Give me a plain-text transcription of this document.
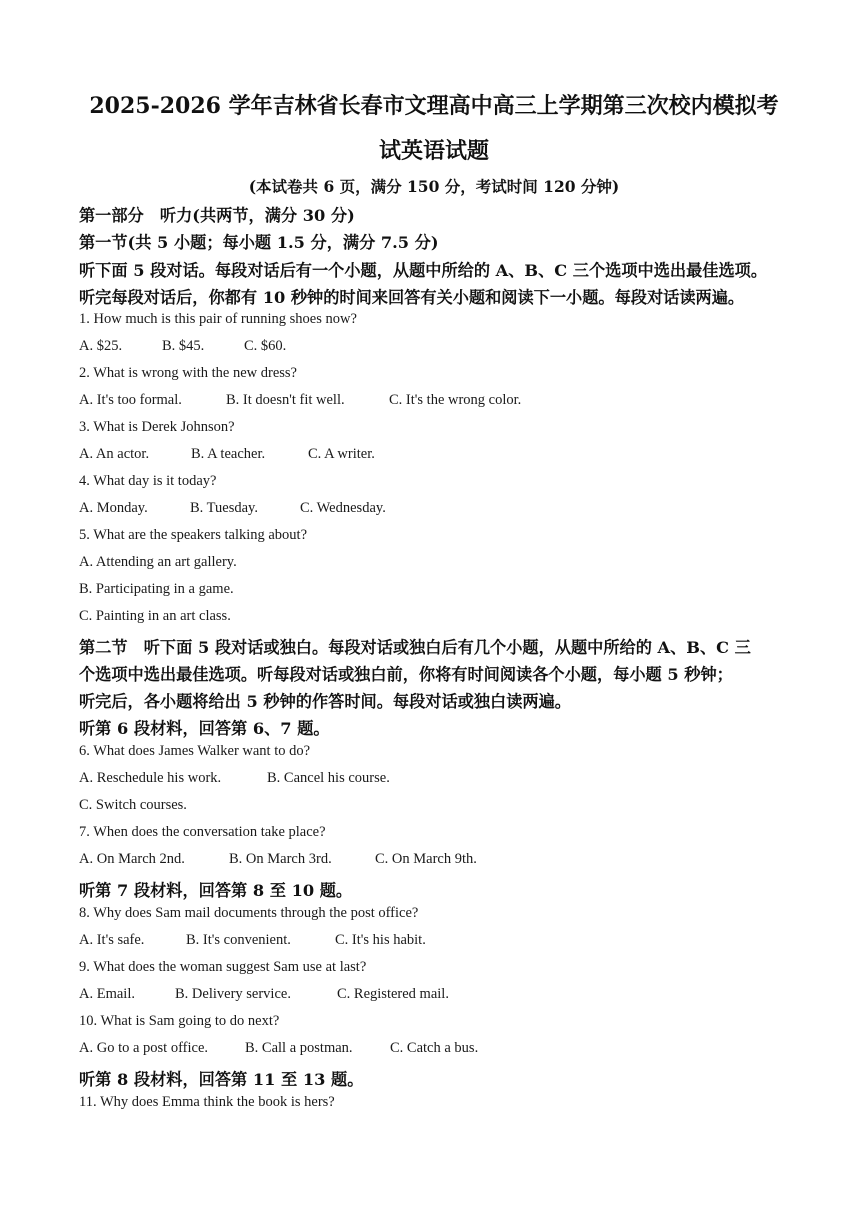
2025-2026 学年吉林省长春市文理高中高三上学期第三次校内模拟考
试英语试题
(本试卷共 6 页，满分 150 分，考试时间 120 分钟)
第一部分　听力(共两节，满分 30 分)
第一节(共 5 小题；每小题 1.5 分，满分 7.5 分)
听下面 5 段对话。每段对话后有一个小题，从题中所给的 A、B、C 三个选项中选出最佳选项。
听完每段对话后，你都有 10 秒钟的时间来回答有关小题和阅读下一小题。每段对话读两遍。
1. How much is this pair of running shoes now?
A. $25.	B. $45.	C. $60.
2. What is wrong with the new dress?
A. It's too formal.	B. It doesn't fit well.	C. It's the wrong color.
3. What is Derek Johnson?
A. An actor.	B. A teacher.	C. A writer.
4. What day is it today?
A. Monday.	B. Tuesday.	C. Wednesday.
5. What are the speakers talking about?
A. Attending an art gallery.
B. Participating in a game.
C. Painting in an art class.
第二节　听下面 5 段对话或独白。每段对话或独白后有几个小题，从题中所给的 A、B、C 三
个选项中选出最佳选项。听每段对话或独白前，你将有时间阅读各个小题，每小题 5 秒钟；
听完后，各小题将给出 5 秒钟的作答时间。每段对话或独白读两遍。
听第 6 段材料，回答第 6、7 题。
6. What does James Walker want to do?
A. Reschedule his work.	B. Cancel his course.
C. Switch courses.
7. When does the conversation take place?
A. On March 2nd.	B. On March 3rd.	C. On March 9th.
听第 7 段材料，回答第 8 至 10 题。
8. Why does Sam mail documents through the post office?
A. It's safe.	B. It's convenient.	C. It's his habit.
9. What does the woman suggest Sam use at last?
A. Email.	B. Delivery service.	C. Registered mail.
10. What is Sam going to do next?
A. Go to a post office.	B. Call a postman.	C. Catch a bus.
听第 8 段材料，回答第 11 至 13 题。
11. Why does Emma think the book is hers?
